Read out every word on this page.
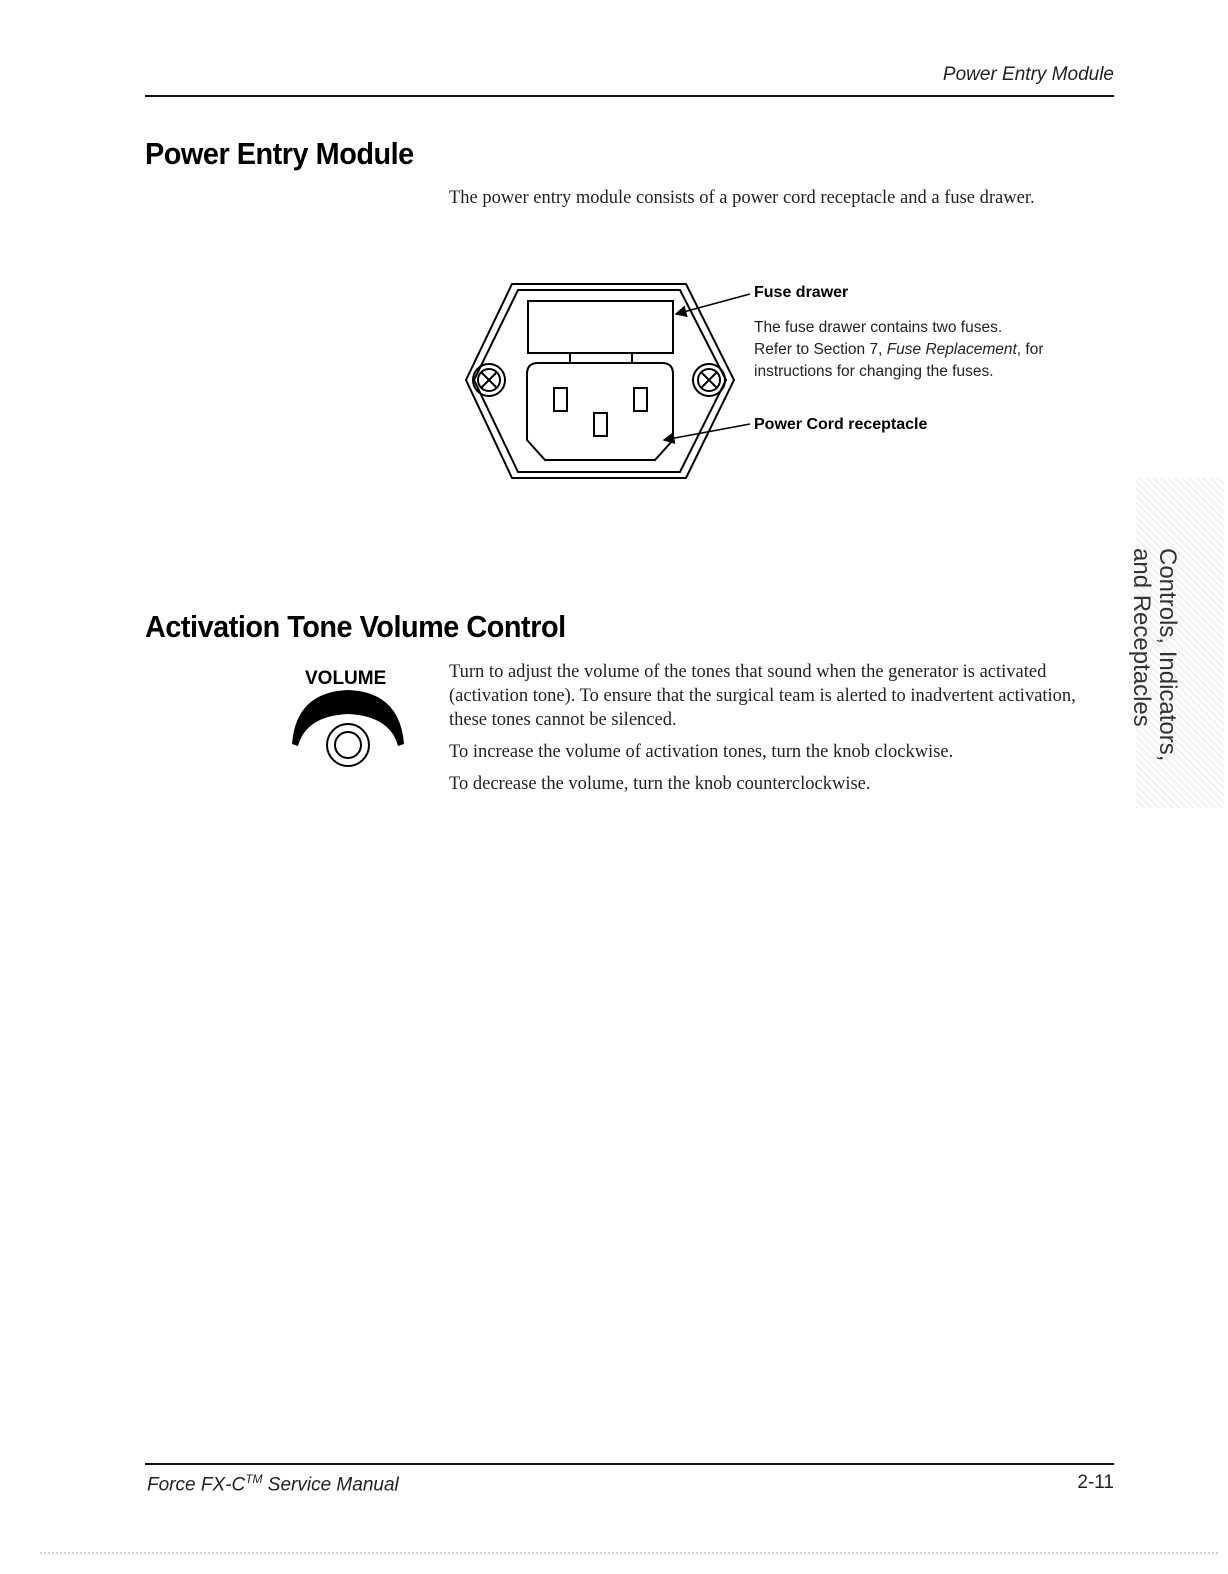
Power Entry Module
Power Entry Module

The power entry module consists of a power cord receptacle and a fuse drawer.

Fuse drawer
The fuse drawer contains two fuses.
Refer to Section 7, Fuse Replacement, for
instructions for changing the fuses.
Power Cord receptacle
Activation Tone Volume Control
VOLUME	Turn to adjust the volume of the tones that sound when the generator is activated (activation tone). To ensure that the surgical team is alerted to inadvertent activation, these tones cannot be silenced.

To increase the volume of activation tones, turn the knob clockwise.

To decrease the volume, turn the knob counterclockwise.

Controls, Indicators,
and Receptacles
Force FX-C™ Service Manual	2-11
